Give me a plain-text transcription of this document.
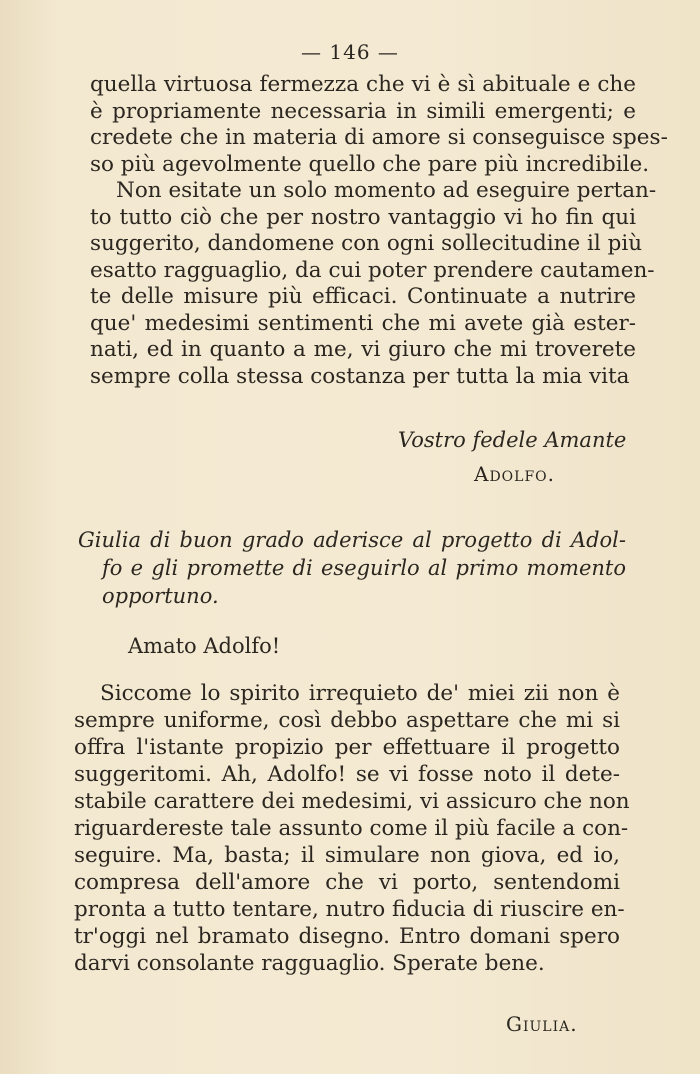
— 146 —
quella virtuosa fermezza che vi è sì abituale e che
è propriamente necessaria in simili emergenti; e
credete che in materia di amore si conseguisce spes-
so più agevolmente quello che pare più incredibile.
Non esitate un solo momento ad eseguire pertan-
to tutto ciò che per nostro vantaggio vi ho fin qui
suggerito, dandomene con ogni sollecitudine il più
esatto ragguaglio, da cui poter prendere cautamen-
te delle misure più efficaci. Continuate a nutrire
que' medesimi sentimenti che mi avete già ester-
nati, ed in quanto a me, vi giuro che mi troverete
sempre colla stessa costanza per tutta la mia vita
Vostro fedele Amante
Adolfo.
Giulia di buon grado aderisce al progetto di Adol-
fo e gli promette di eseguirlo al primo momento
opportuno.
Amato Adolfo!
Siccome lo spirito irrequieto de' miei zii non è
sempre uniforme, così debbo aspettare che mi si
offra l'istante propizio per effettuare il progetto
suggeritomi. Ah, Adolfo! se vi fosse noto il dete-
stabile carattere dei medesimi, vi assicuro che non
riguardereste tale assunto come il più facile a con-
seguire. Ma, basta; il simulare non giova, ed io,
compresa dell'amore che vi porto, sentendomi
pronta a tutto tentare, nutro fiducia di riuscire en-
tr'oggi nel bramato disegno. Entro domani spero
darvi consolante ragguaglio. Sperate bene.
Giulia.
